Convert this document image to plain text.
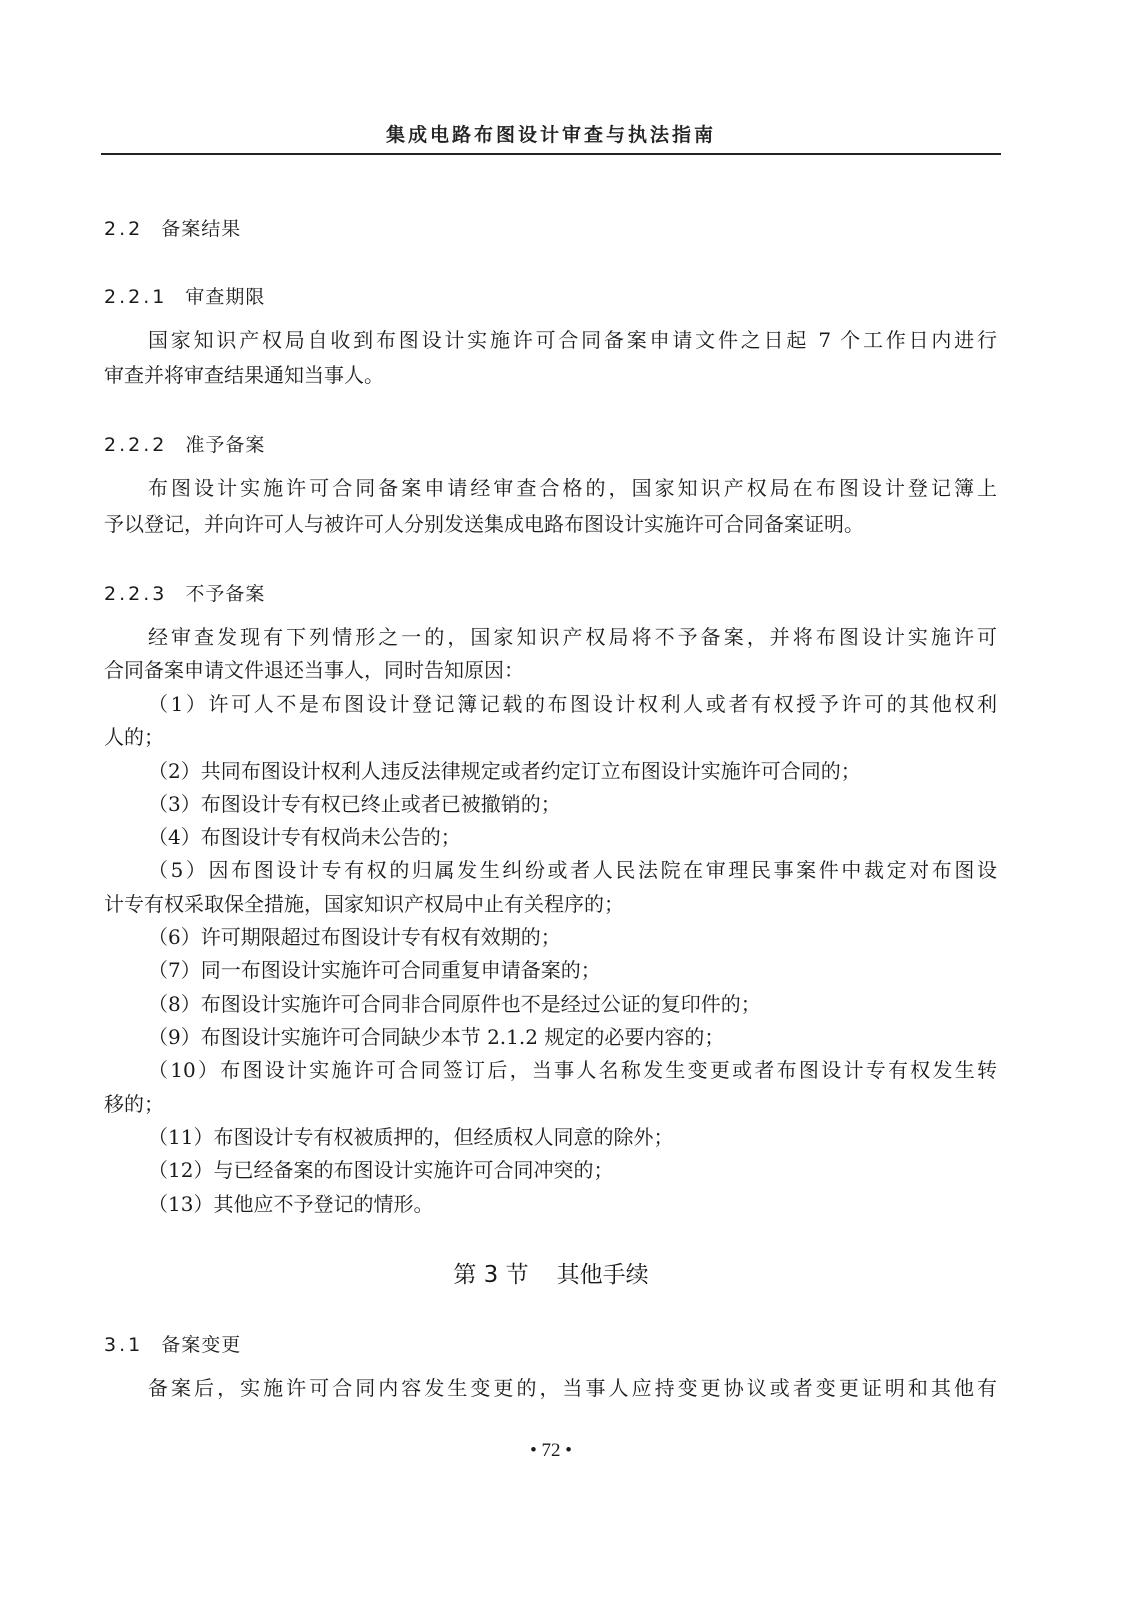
集成电路布图设计审查与执法指南
2.2 备案结果
2.2.1 审查期限
国家知识产权局自收到布图设计实施许可合同备案申请文件之日起 7 个工作日内进行
审查并将审查结果通知当事人。
2.2.2 准予备案
布图设计实施许可合同备案申请经审查合格的，国家知识产权局在布图设计登记簿上
予以登记，并向许可人与被许可人分别发送集成电路布图设计实施许可合同备案证明。
2.2.3 不予备案
经审查发现有下列情形之一的，国家知识产权局将不予备案，并将布图设计实施许可
合同备案申请文件退还当事人，同时告知原因：
（1）许可人不是布图设计登记簿记载的布图设计权利人或者有权授予许可的其他权利
人的；
（2）共同布图设计权利人违反法律规定或者约定订立布图设计实施许可合同的；
（3）布图设计专有权已终止或者已被撤销的；
（4）布图设计专有权尚未公告的；
（5）因布图设计专有权的归属发生纠纷或者人民法院在审理民事案件中裁定对布图设
计专有权采取保全措施，国家知识产权局中止有关程序的；
（6）许可期限超过布图设计专有权有效期的；
（7）同一布图设计实施许可合同重复申请备案的；
（8）布图设计实施许可合同非合同原件也不是经过公证的复印件的；
（9）布图设计实施许可合同缺少本节 2.1.2 规定的必要内容的；
（10）布图设计实施许可合同签订后，当事人名称发生变更或者布图设计专有权发生转
移的；
（11）布图设计专有权被质押的，但经质权人同意的除外；
（12）与已经备案的布图设计实施许可合同冲突的；
（13）其他应不予登记的情形。
第 3 节 其他手续
3.1 备案变更
备案后，实施许可合同内容发生变更的，当事人应持变更协议或者变更证明和其他有
• 72 •
